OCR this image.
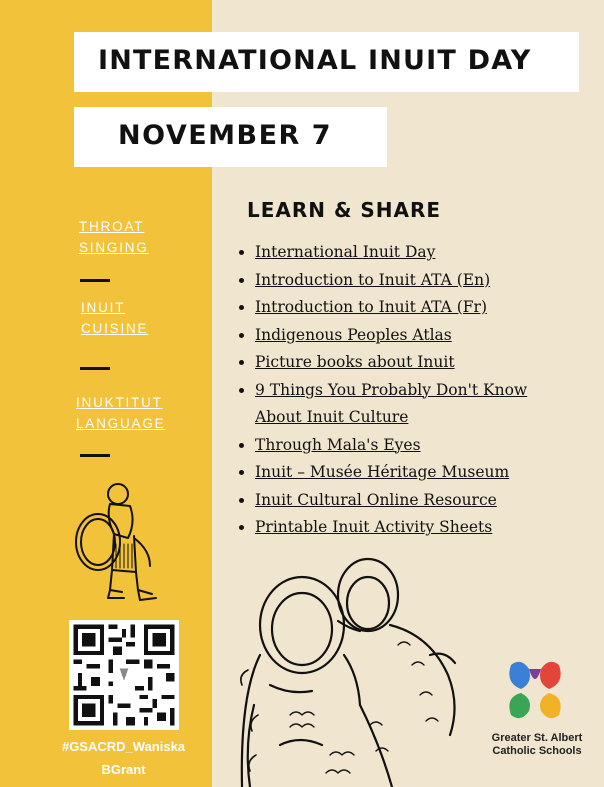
INTERNATIONAL INUIT DAY
NOVEMBER 7
THROAT
SINGING
INUIT
CUISINE
INUKTITUT
LANGUAGE
#GSACRD_Waniska
BGrant
LEARN & SHARE
International Inuit Day
Introduction to Inuit ATA (En)
Introduction to Inuit ATA (Fr)
Indigenous Peoples Atlas
Picture books about Inuit
9 Things You Probably Don't Know About Inuit Culture
Through Mala's Eyes
Inuit – Musée Héritage Museum
Inuit Cultural Online Resource
Printable Inuit Activity Sheets
Greater St. Albert
Catholic Schools
